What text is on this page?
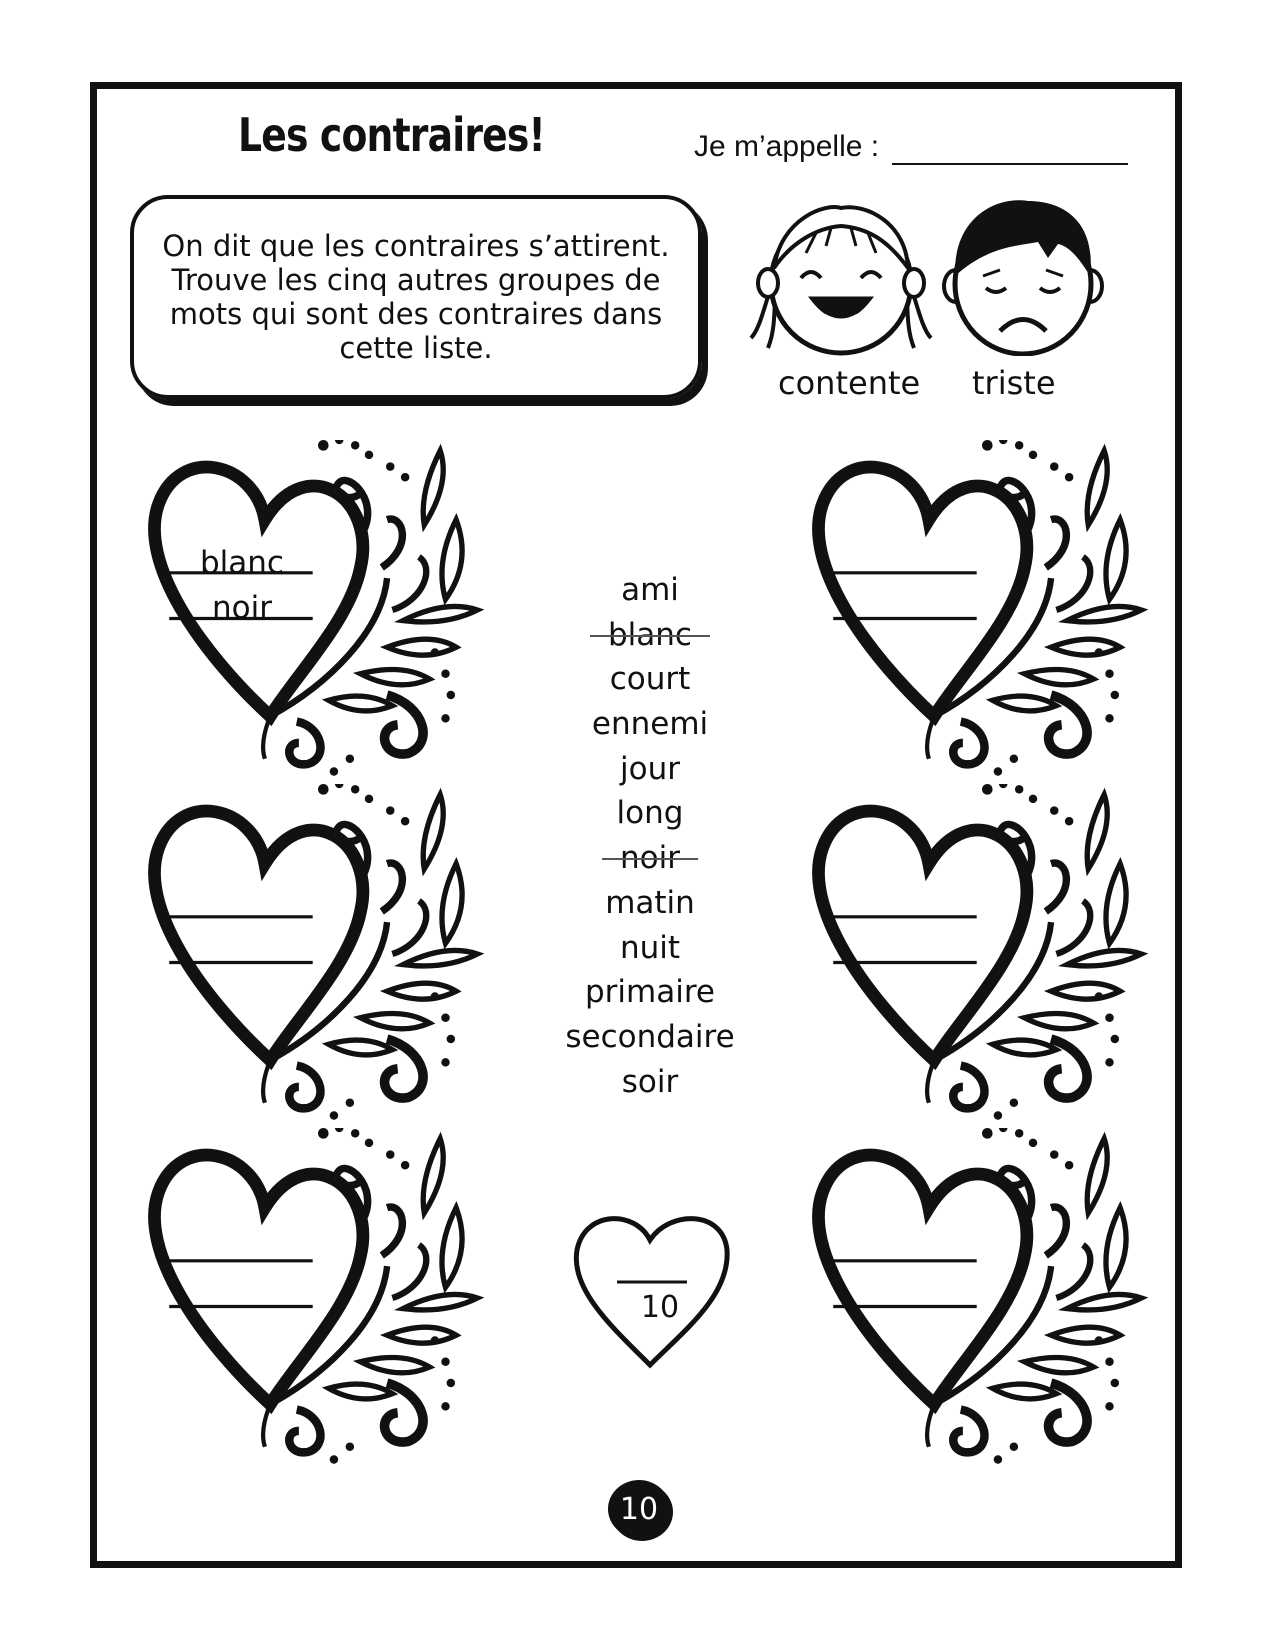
Les contraires!	Je m’appelle :
On dit que les contraires s’attirent. Trouve les cinq autres groupes de mots qui sont des contraires dans cette liste.
contente triste
blanc
noir	ami
blanc
court
ennemi
jour
long
noir
matin
nuit
primaire
secondaire
soir
10
10
